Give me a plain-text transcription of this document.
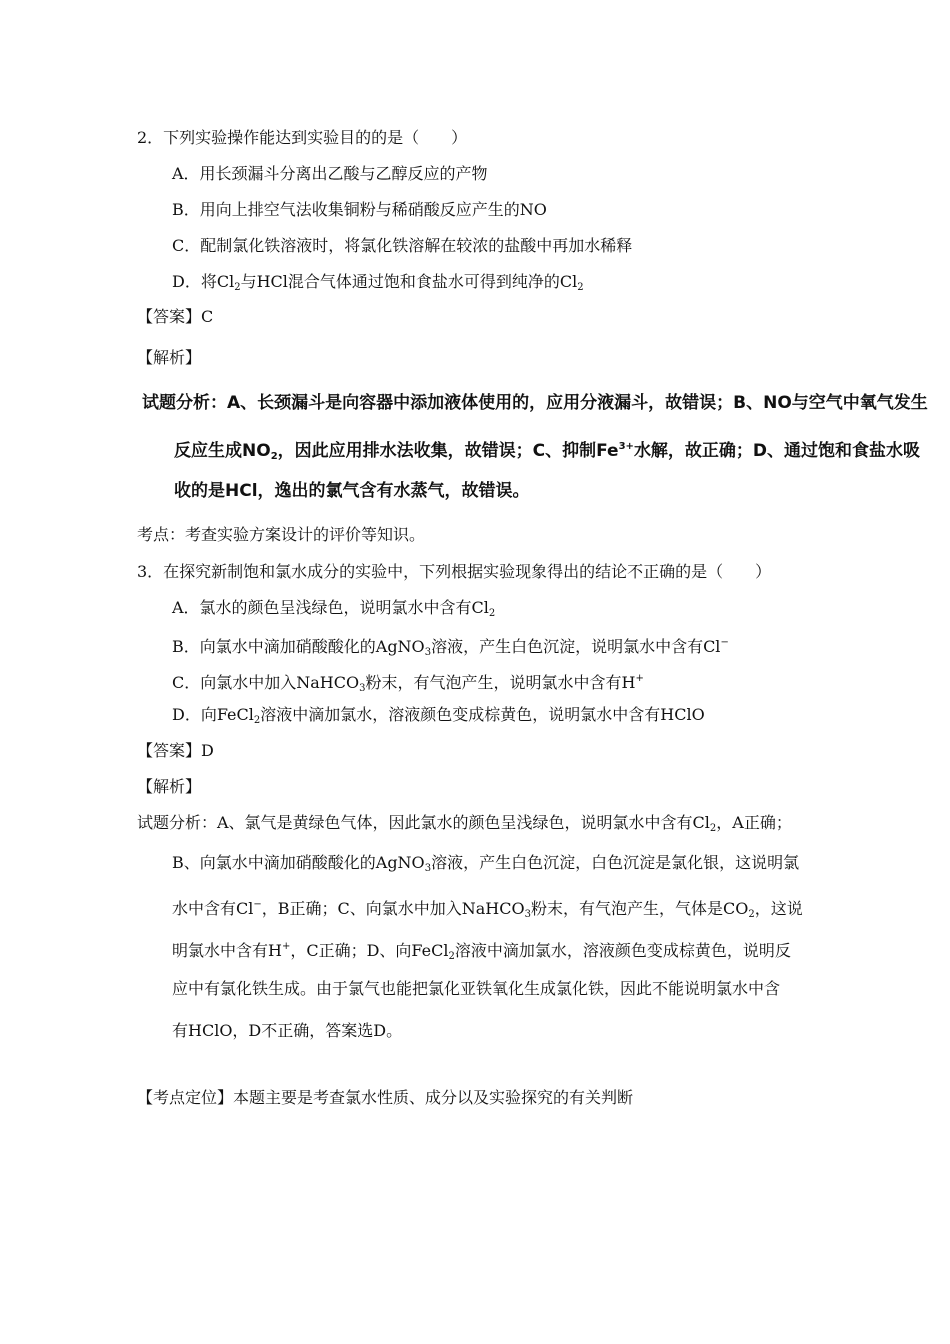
2．下列实验操作能达到实验目的的是（　　）
A．用长颈漏斗分离出乙酸与乙醇反应的产物
B．用向上排空气法收集铜粉与稀硝酸反应产生的NO
C．配制氯化铁溶液时，将氯化铁溶解在较浓的盐酸中再加水稀释
D．将$Cl_2$与HCl混合气体通过饱和食盐水可得到纯净的$Cl_2$
【答案】C
【解析】
试题分析：A、长颈漏斗是向容器中添加液体使用的，应用分液漏斗，故错误；B、NO与空气中氧气发生
反应生成$NO_2$，因此应用排水法收集，故错误；C、抑制$Fe^{3+}$水解，故正确；D、通过饱和食盐水吸
收的是HCl，逸出的氯气含有水蒸气，故错误。
考点：考查实验方案设计的评价等知识。
3．在探究新制饱和氯水成分的实验中，下列根据实验现象得出的结论不正确的是（　　）
A．氯水的颜色呈浅绿色，说明氯水中含有$Cl_2$
B．向氯水中滴加硝酸酸化的AgNO$_3$溶液，产生白色沉淀，说明氯水中含有Cl−
C．向氯水中加入NaHCO$_3$粉末，有气泡产生，说明氯水中含有H+
D．向FeCl$_2$溶液中滴加氯水，溶液颜色变成棕黄色，说明氯水中含有HClO
【答案】D
【解析】
试题分析：A、氯气是黄绿色气体，因此氯水的颜色呈浅绿色，说明氯水中含有$Cl_2$，A正确；
B、向氯水中滴加硝酸酸化的AgNO$_3$溶液，产生白色沉淀，白色沉淀是氯化银，这说明氯
水中含有Cl−，B正确；C、向氯水中加入NaHCO$_3$粉末，有气泡产生，气体是$CO_2$，这说
明氯水中含有H+，C正确；D、向FeCl$_2$溶液中滴加氯水，溶液颜色变成棕黄色，说明反
应中有氯化铁生成。由于氯气也能把氯化亚铁氧化生成氯化铁，因此不能说明氯水中含
有HClO，D不正确，答案选D。
【考点定位】本题主要是考查氯水性质、成分以及实验探究的有关判断
